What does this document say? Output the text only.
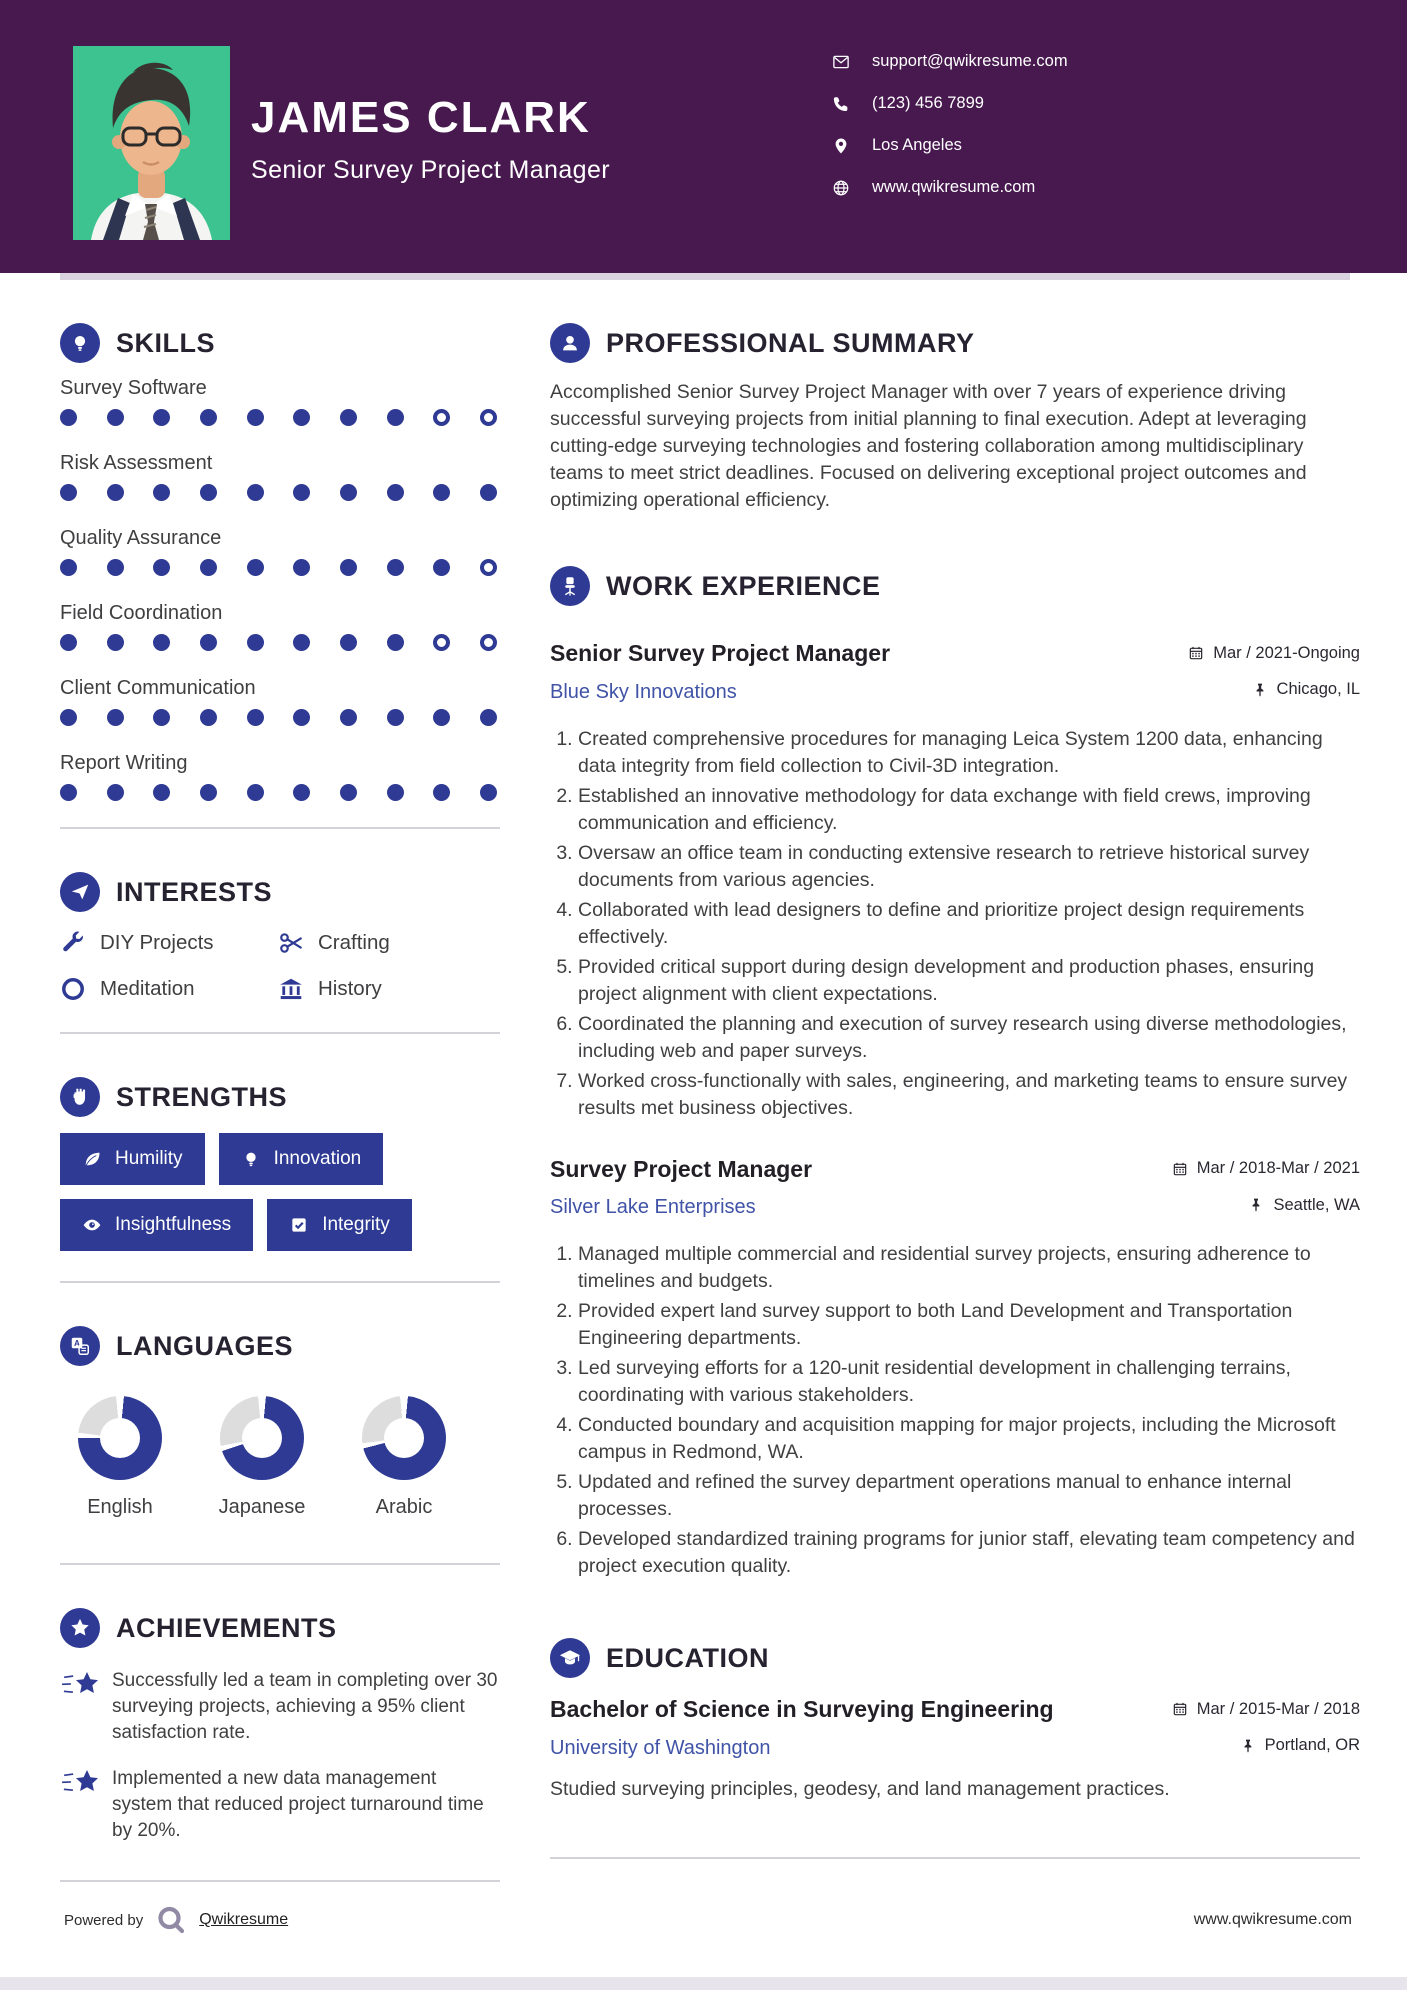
JAMES CLARK
Senior Survey Project Manager
support@qwikresume.com
(123) 456 7899
Los Angeles
www.qwikresume.com
SKILLS
Survey Software
Risk Assessment
Quality Assurance
Field Coordination
Client Communication
Report Writing
INTERESTS
DIY Projects	Crafting
Meditation	History
STRENGTHS
Humility	Innovation
Insightfulness	Integrity
LANGUAGES
English	Japanese	Arabic
ACHIEVEMENTS
Successfully led a team in completing over 30 surveying projects, achieving a 95% client satisfaction rate.
Implemented a new data management system that reduced project turnaround time by 20%.
PROFESSIONAL SUMMARY
Accomplished Senior Survey Project Manager with over 7 years of experience driving successful surveying projects from initial planning to final execution. Adept at leveraging cutting-edge surveying technologies and fostering collaboration among multidisciplinary teams to meet strict deadlines. Focused on delivering exceptional project outcomes and optimizing operational efficiency.
WORK EXPERIENCE
Senior Survey Project Manager	Mar / 2021-Ongoing
Blue Sky Innovations	Chicago, IL
1. Created comprehensive procedures for managing Leica System 1200 data, enhancing data integrity from field collection to Civil-3D integration.
2. Established an innovative methodology for data exchange with field crews, improving communication and efficiency.
3. Oversaw an office team in conducting extensive research to retrieve historical survey documents from various agencies.
4. Collaborated with lead designers to define and prioritize project design requirements effectively.
5. Provided critical support during design development and production phases, ensuring project alignment with client expectations.
6. Coordinated the planning and execution of survey research using diverse methodologies, including web and paper surveys.
7. Worked cross-functionally with sales, engineering, and marketing teams to ensure survey results met business objectives.
Survey Project Manager	Mar / 2018-Mar / 2021
Silver Lake Enterprises	Seattle, WA
1. Managed multiple commercial and residential survey projects, ensuring adherence to timelines and budgets.
2. Provided expert land survey support to both Land Development and Transportation Engineering departments.
3. Led surveying efforts for a 120-unit residential development in challenging terrains, coordinating with various stakeholders.
4. Conducted boundary and acquisition mapping for major projects, including the Microsoft campus in Redmond, WA.
5. Updated and refined the survey department operations manual to enhance internal processes.
6. Developed standardized training programs for junior staff, elevating team competency and project execution quality.
EDUCATION
Bachelor of Science in Surveying Engineering	Mar / 2015-Mar / 2018
University of Washington	Portland, OR
Studied surveying principles, geodesy, and land management practices.
Powered by	Qwikresume	www.qwikresume.com
